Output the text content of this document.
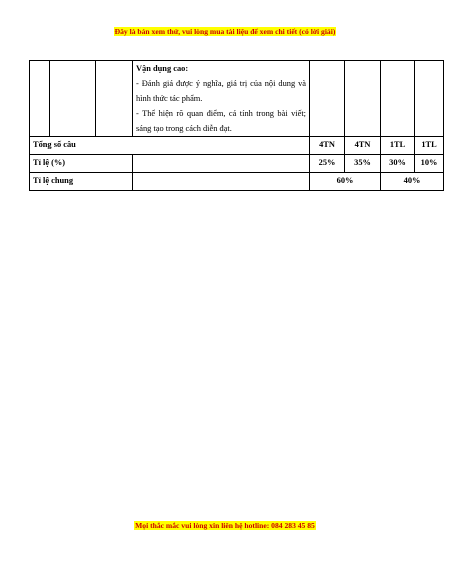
Đây là bản xem thử, vui lòng mua tài liệu để xem chi tiết (có lời giải)

			Vận dụng cao:
- Đánh giá được ý nghĩa, giá trị của nội dung và hình thức tác phẩm.
- Thể hiện rõ quan điểm, cá tính trong bài viết; sáng tạo trong cách diễn đạt.				

Tổng số câu				4TN	4TN	1TL	1TL
Tỉ lệ (%)				25%	35%	30%	10%
Tỉ lệ chung				60%		40%	
Mọi thắc mắc vui lòng xin liên hệ hotline: 084 283 45 85
